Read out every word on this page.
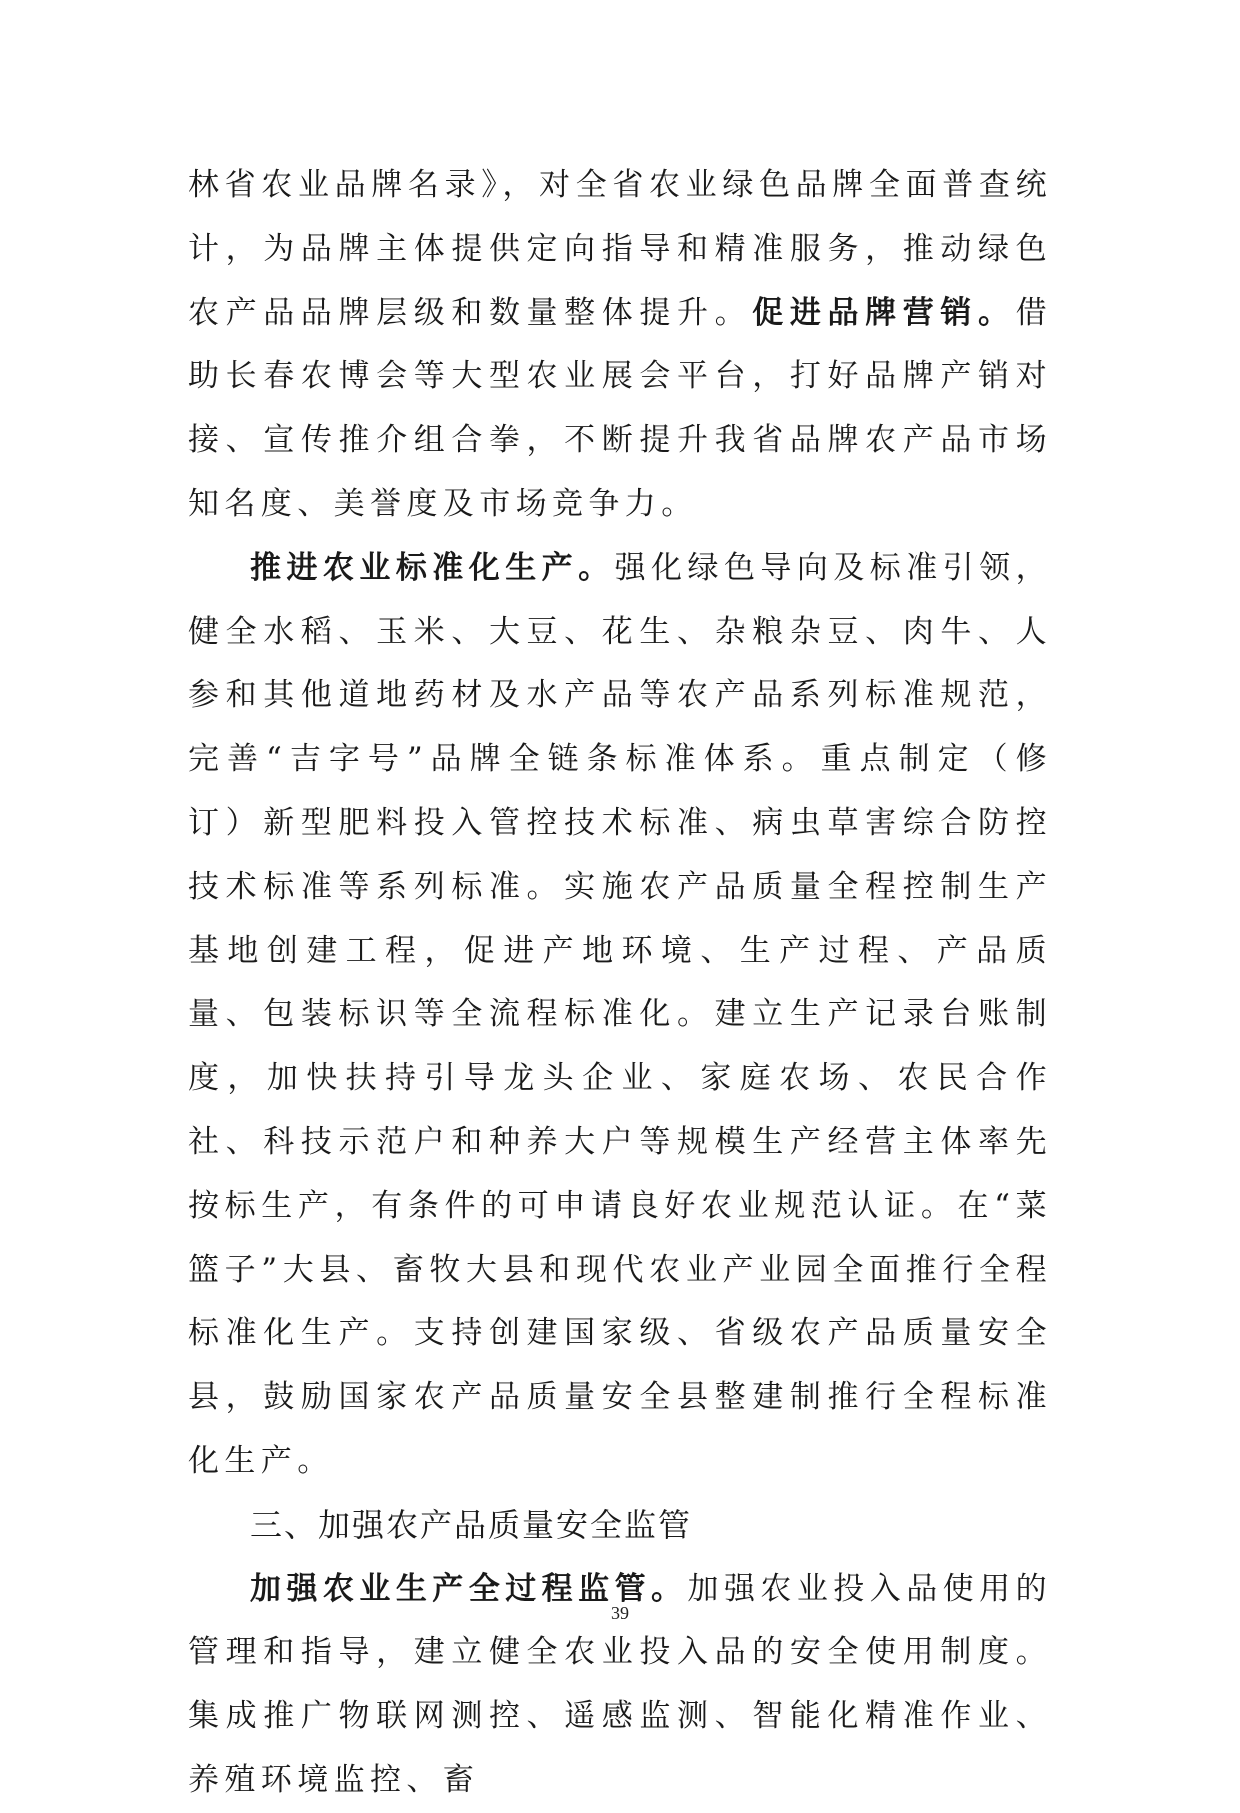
林省农业品牌名录》，对全省农业绿色品牌全面普查统计，为品牌主体提供定向指导和精准服务，推动绿色农产品品牌层级和数量整体提升。促进品牌营销。借助长春农博会等大型农业展会平台，打好品牌产销对接、宣传推介组合拳，不断提升我省品牌农产品市场知名度、美誉度及市场竞争力。

推进农业标准化生产。强化绿色导向及标准引领，健全水稻、玉米、大豆、花生、杂粮杂豆、肉牛、人参和其他道地药材及水产品等农产品系列标准规范，完善“吉字号”品牌全链条标准体系。重点制定（修订）新型肥料投入管控技术标准、病虫草害综合防控技术标准等系列标准。实施农产品质量全程控制生产基地创建工程，促进产地环境、生产过程、产品质量、包装标识等全流程标准化。建立生产记录台账制度，加快扶持引导龙头企业、家庭农场、农民合作社、科技示范户和种养大户等规模生产经营主体率先按标生产，有条件的可申请良好农业规范认证。在“菜篮子”大县、畜牧大县和现代农业产业园全面推行全程标准化生产。支持创建国家级、省级农产品质量安全县，鼓励国家农产品质量安全县整建制推行全程标准化生产。

三、加强农产品质量安全监管

加强农业生产全过程监管。加强农业投入品使用的管理和指导，建立健全农业投入品的安全使用制度。集成推广物联网测控、遥感监测、智能化精准作业、养殖环境监控、畜

39
